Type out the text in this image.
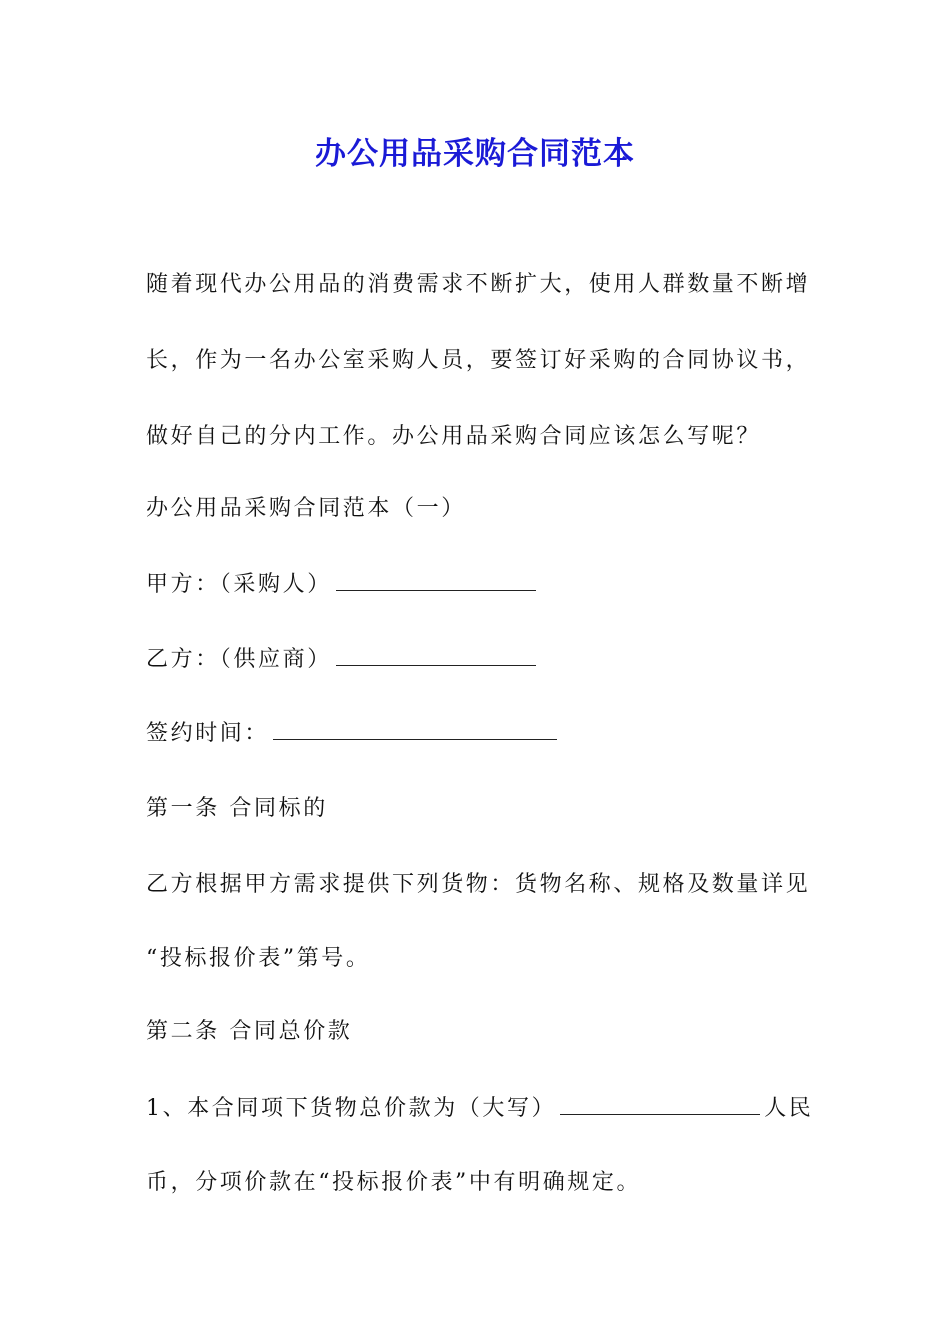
办公用品采购合同范本
随着现代办公用品的消费需求不断扩大，使用人群数量不断增
长，作为一名办公室采购人员，要签订好采购的合同协议书，
做好自己的分内工作。办公用品采购合同应该怎么写呢？
办公用品采购合同范本（一）
甲方：（采购人）
乙方：（供应商）
签约时间：
第一条 合同标的
乙方根据甲方需求提供下列货物：货物名称、规格及数量详见
“投标报价表”第号。
第二条 合同总价款
1、本合同项下货物总价款为（大写）	人民
币，分项价款在“投标报价表”中有明确规定。
